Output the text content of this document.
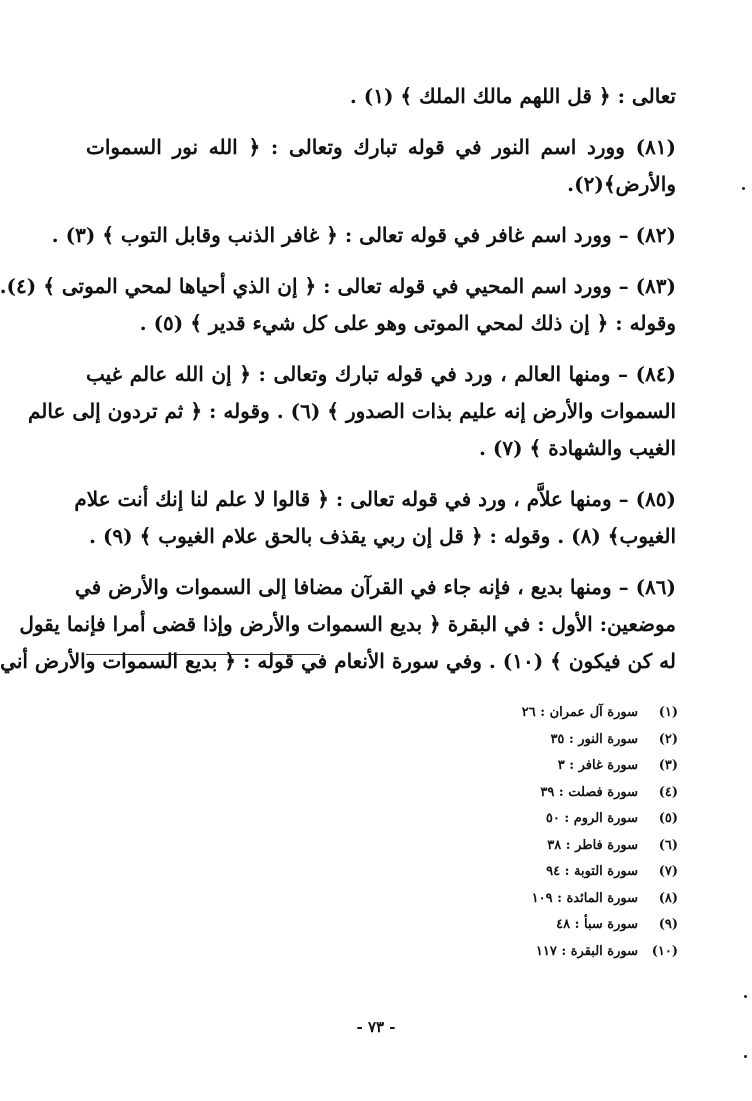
تعالى : ﴿ قل اللهم مالك الملك ﴾ (١) .
(٨١) وورد اسم النور في قوله تبارك وتعالى : ﴿ الله نور السموات
والأرض﴾(٢).
(٨٢) – وورد اسم غافر في قوله تعالى : ﴿ غافر الذنب وقابل التوب ﴾ (٣) .
(٨٣) – وورد اسم المحيي في قوله تعالى : ﴿ إن الذي أحياها لمحي الموتى ﴾ (٤).
وقوله : ﴿ إن ذلك لمحي الموتى وهو على كل شيء قدير ﴾ (٥) .
(٨٤) – ومنها العالم ، ورد في قوله تبارك وتعالى : ﴿ إن الله عالم غيب
السموات والأرض إنه عليم بذات الصدور ﴾ (٦) . وقوله : ﴿ ثم تردون إلى عالم
الغيب والشهادة ﴾ (٧) .
(٨٥) – ومنها علاَّم ، ورد في قوله تعالى : ﴿ قالوا لا علم لنا إنك أنت علام
الغيوب﴾ (٨) . وقوله : ﴿ قل إن ربي يقذف بالحق علام الغيوب ﴾ (٩) .
(٨٦) – ومنها بديع ، فإنه جاء في القرآن مضافا إلى السموات والأرض في
موضعين: الأول : في البقرة ﴿ بديع السموات والأرض وإذا قضى أمرا فإنما يقول
له كن فيكون ﴾ (١٠) . وفي سورة الأنعام في قوله : ﴿ بديع السموات والأرض أني
(١)
سورة آل عمران : ٢٦
(٢)
سورة النور : ٣٥
(٣)
سورة غافر : ٣
(٤)
سورة فصلت : ٣٩
(٥)
سورة الروم : ٥٠
(٦)
سورة فاطر : ٣٨
(٧)
سورة التوبة : ٩٤
(٨)
سورة المائدة : ١٠٩
(٩)
سورة سبأ : ٤٨
(١٠)
سورة البقرة : ١١٧
- ٧٣ -
